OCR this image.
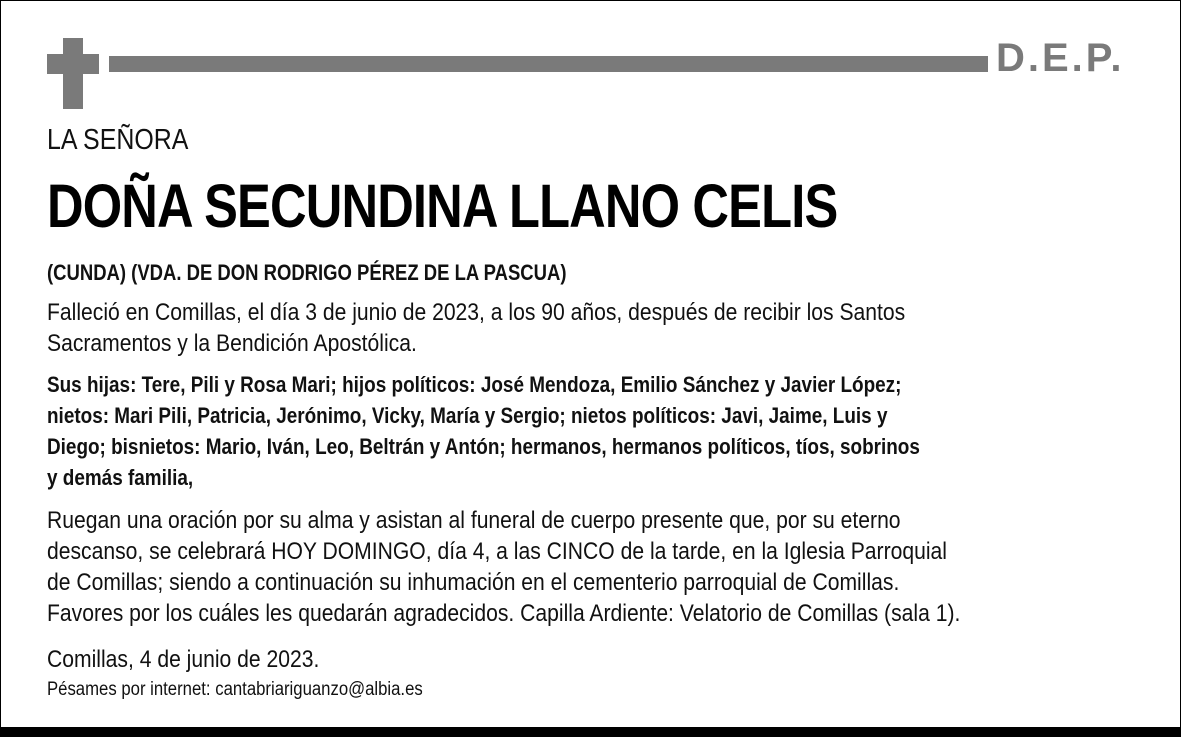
D.E.P.
LA SEÑORA
DOÑA SECUNDINA LLANO CELIS
(CUNDA) (VDA. DE DON RODRIGO PÉREZ DE LA PASCUA)
Falleció en Comillas, el día 3 de junio de 2023, a los 90 años, después de recibir los Santos
Sacramentos y la Bendición Apostólica.
Sus hijas: Tere, Pili y Rosa Mari; hijos políticos: José Mendoza, Emilio Sánchez y Javier López;
nietos: Mari Pili, Patricia, Jerónimo, Vicky, María y Sergio; nietos políticos: Javi, Jaime, Luis y
Diego; bisnietos: Mario, Iván, Leo, Beltrán y Antón; hermanos, hermanos políticos, tíos, sobrinos
y demás familia,
Ruegan una oración por su alma y asistan al funeral de cuerpo presente que, por su eterno
descanso, se celebrará HOY DOMINGO, día 4, a las CINCO de la tarde, en la Iglesia Parroquial
de Comillas; siendo a continuación su inhumación en el cementerio parroquial de Comillas.
Favores por los cuáles les quedarán agradecidos. Capilla Ardiente: Velatorio de Comillas (sala 1).
Comillas, 4 de junio de 2023.
Pésames por internet: cantabriariguanzo@albia.es
